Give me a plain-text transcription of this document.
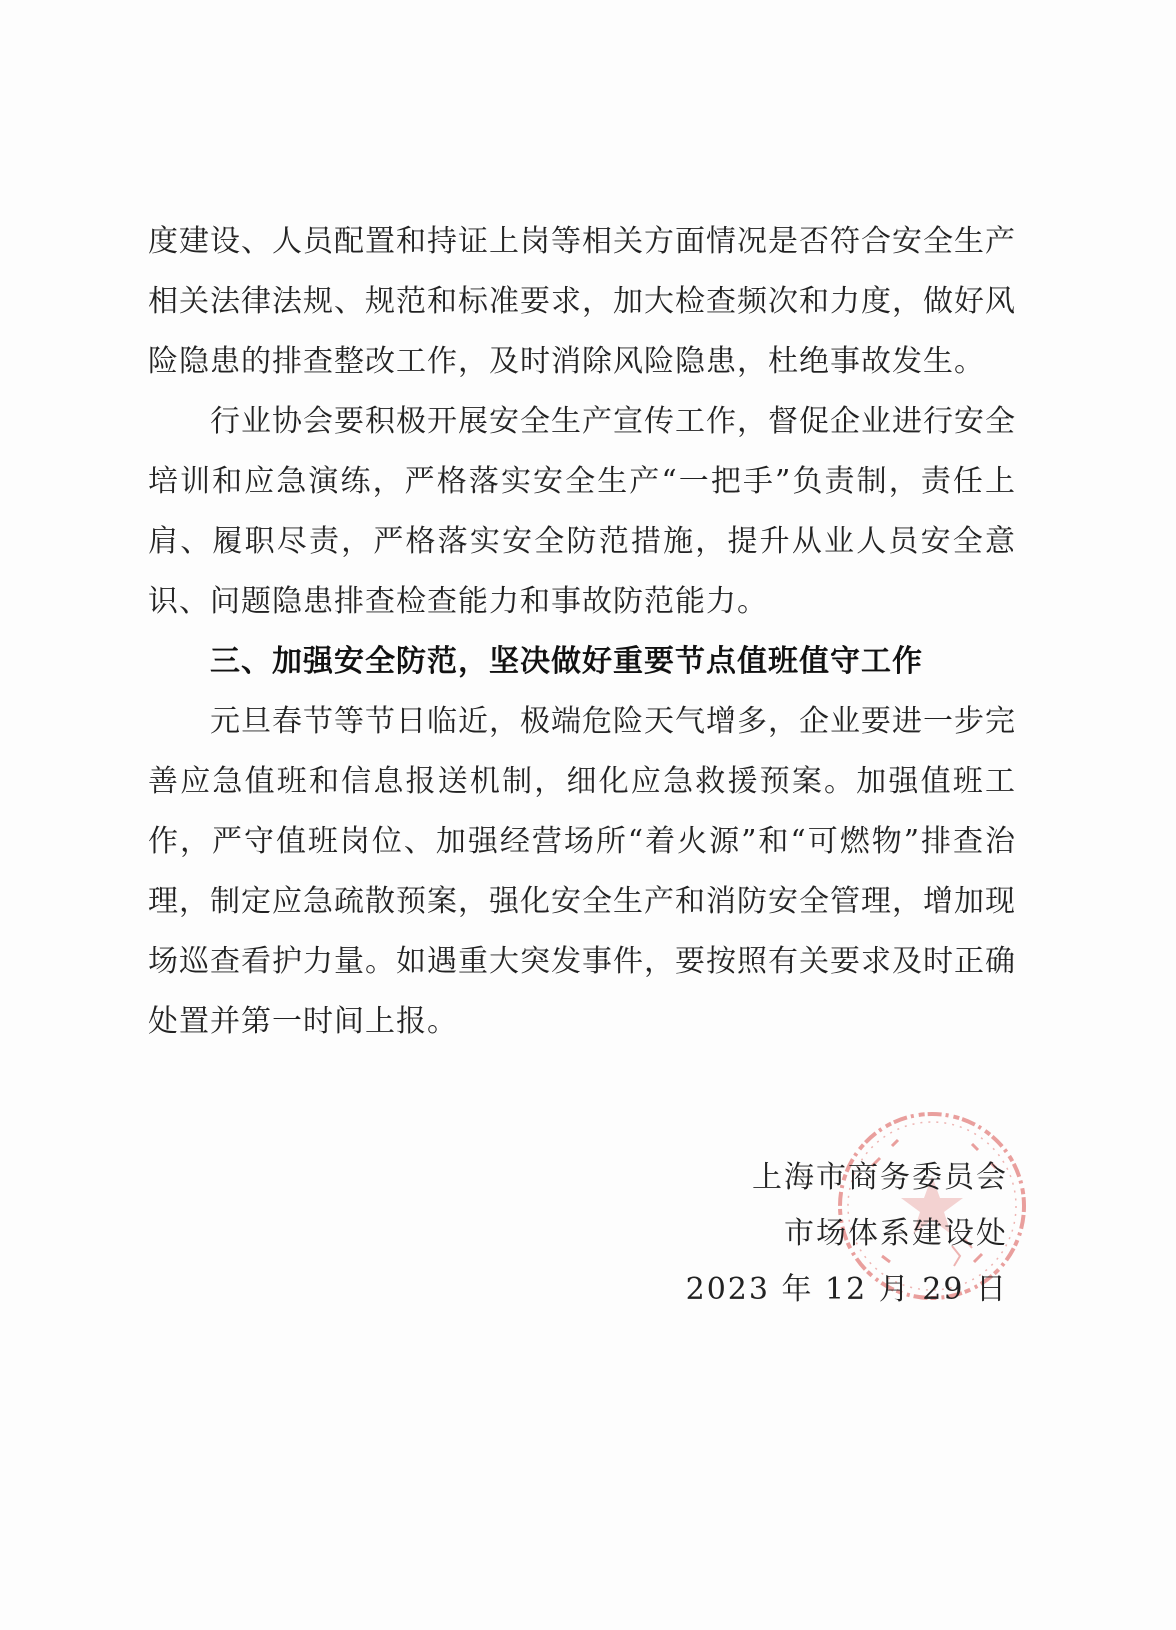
度建设、人员配置和持证上岗等相关方面情况是否符合安全生产相关法律法规、规范和标准要求，加大检查频次和力度，做好风险隐患的排查整改工作，及时消除风险隐患，杜绝事故发生。

行业协会要积极开展安全生产宣传工作，督促企业进行安全培训和应急演练，严格落实安全生产“一把手”负责制，责任上肩、履职尽责，严格落实安全防范措施，提升从业人员安全意识、问题隐患排查检查能力和事故防范能力。

三、加强安全防范，坚决做好重要节点值班值守工作

元旦春节等节日临近，极端危险天气增多，企业要进一步完善应急值班和信息报送机制，细化应急救援预案。加强值班工作，严守值班岗位、加强经营场所“着火源”和“可燃物”排查治理，制定应急疏散预案，强化安全生产和消防安全管理，增加现场巡查看护力量。如遇重大突发事件，要按照有关要求及时正确处置并第一时间上报。

上海市商务委员会
市场体系建设处
2023 年 12 月 29 日
